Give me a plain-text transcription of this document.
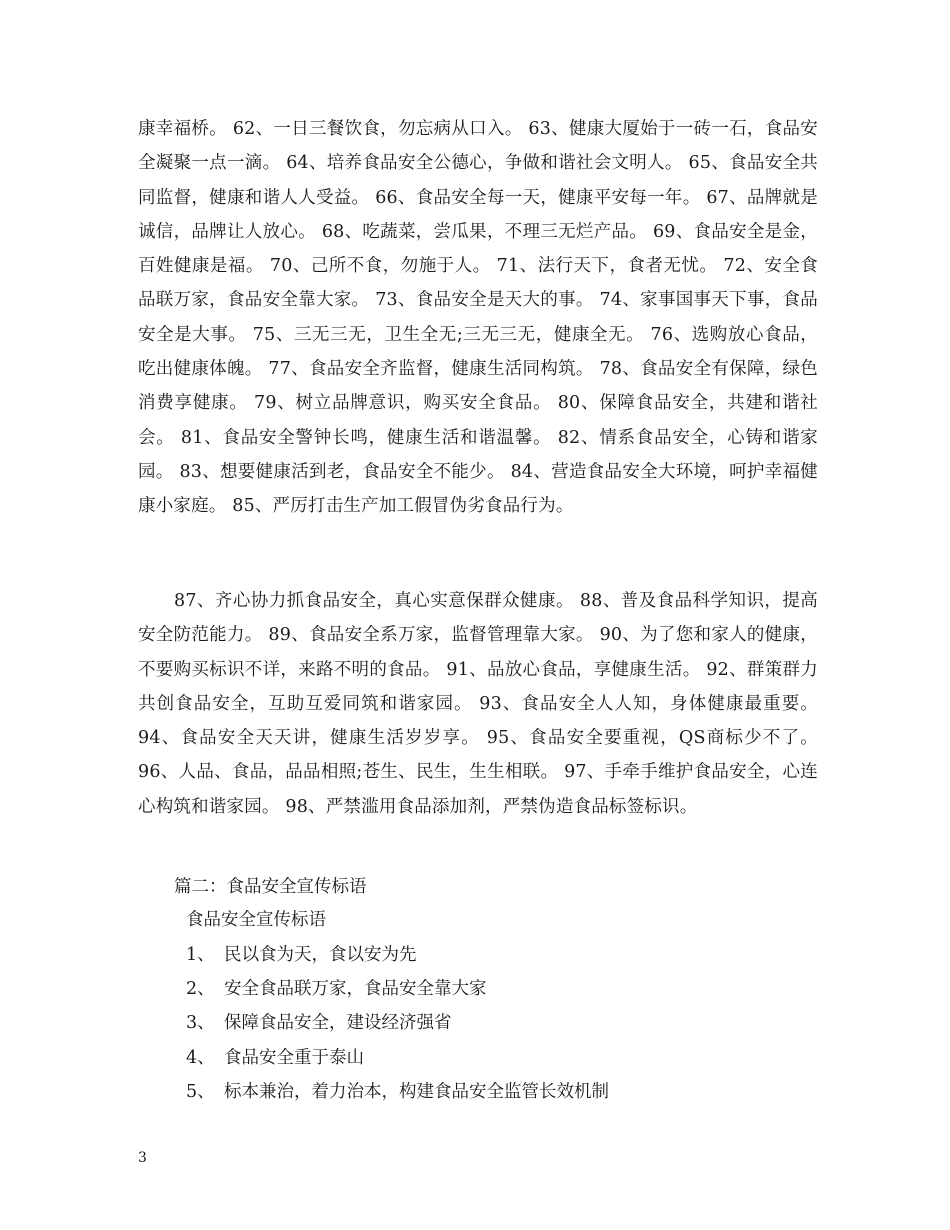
康幸福桥。 62、一日三餐饮食，勿忘病从口入。 63、健康大厦始于一砖一石，食品安全凝聚一点一滴。 64、培养食品安全公德心，争做和谐社会文明人。 65、食品安全共同监督，健康和谐人人受益。 66、食品安全每一天，健康平安每一年。 67、品牌就是诚信，品牌让人放心。 68、吃蔬菜，尝瓜果，不理三无烂产品。 69、食品安全是金，百姓健康是福。 70、己所不食，勿施于人。 71、法行天下，食者无忧。 72、安全食品联万家，食品安全靠大家。 73、食品安全是天大的事。 74、家事国事天下事，食品安全是大事。 75、三无三无，卫生全无;三无三无，健康全无。 76、选购放心食品，吃出健康体魄。 77、食品安全齐监督，健康生活同构筑。 78、食品安全有保障，绿色消费享健康。 79、树立品牌意识，购买安全食品。 80、保障食品安全，共建和谐社会。 81、食品安全警钟长鸣，健康生活和谐温馨。 82、情系食品安全，心铸和谐家园。 83、想要健康活到老，食品安全不能少。 84、营造食品安全大环境，呵护幸福健康小家庭。 85、严厉打击生产加工假冒伪劣食品行为。

87、齐心协力抓食品安全，真心实意保群众健康。 88、普及食品科学知识，提高安全防范能力。 89、食品安全系万家，监督管理靠大家。 90、为了您和家人的健康，不要购买标识不详，来路不明的食品。 91、品放心食品，享健康生活。 92、群策群力共创食品安全，互助互爱同筑和谐家园。 93、食品安全人人知，身体健康最重要。 94、食品安全天天讲，健康生活岁岁享。 95、食品安全要重视，QS商标少不了。 96、人品、食品，品品相照;苍生、民生，生生相联。 97、手牵手维护食品安全，心连心构筑和谐家园。 98、严禁滥用食品添加剂，严禁伪造食品标签标识。

篇二：食品安全宣传标语

食品安全宣传标语

1、 民以食为天，食以安为先
2、 安全食品联万家，食品安全靠大家
3、 保障食品安全，建设经济强省
4、 食品安全重于泰山
5、 标本兼治，着力治本，构建食品安全监管长效机制
3
